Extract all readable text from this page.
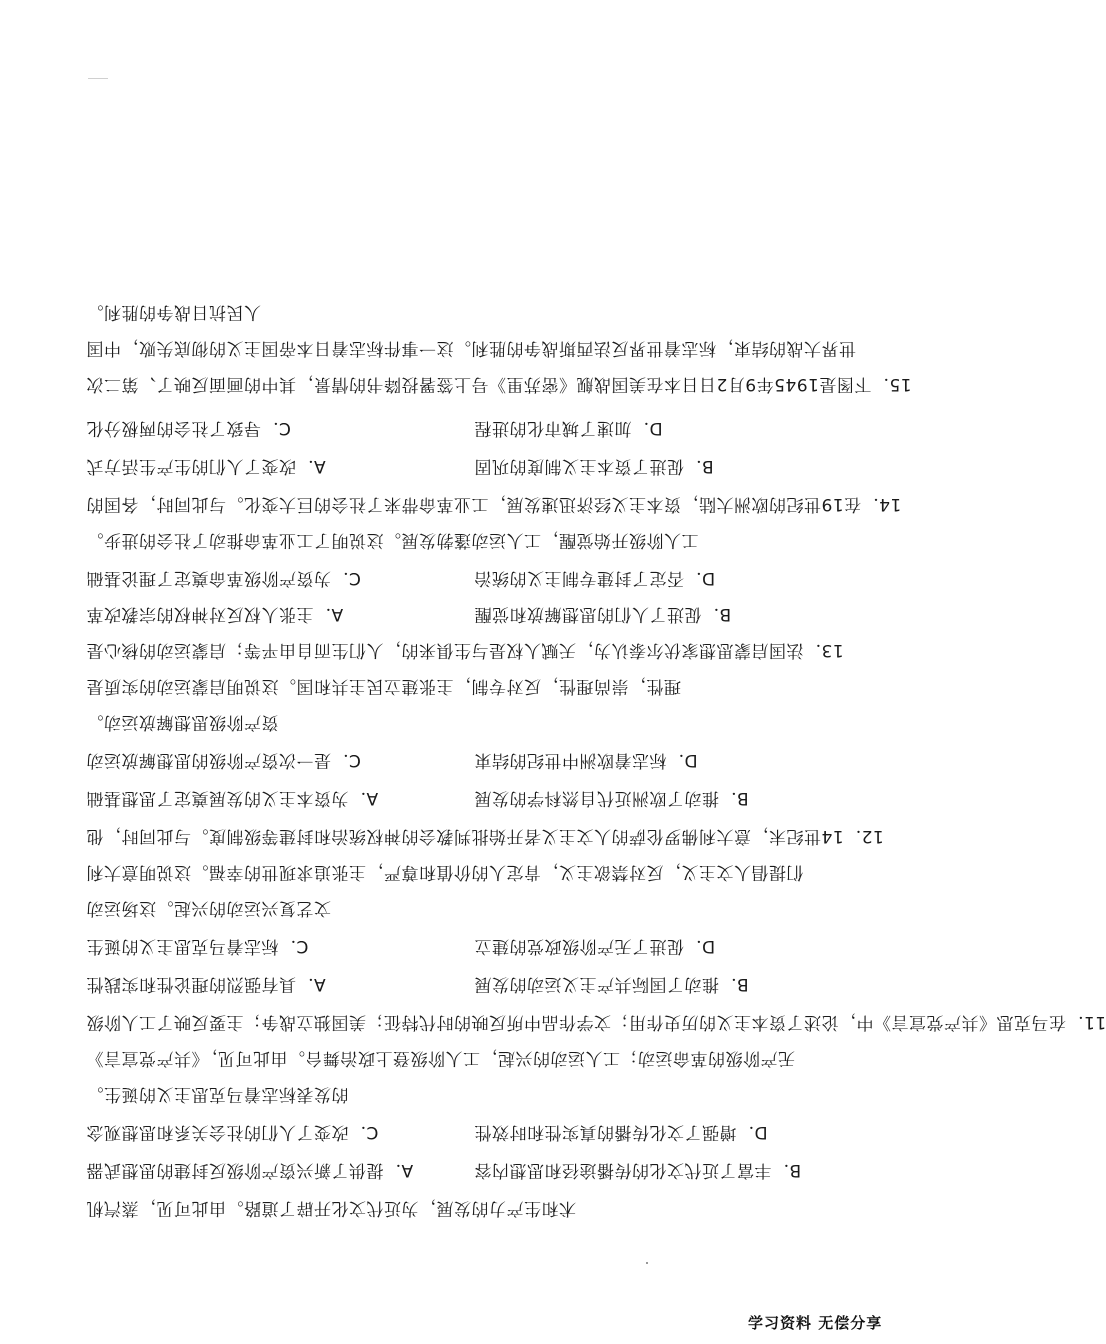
15．下图是1945年9月2日日本在美国战舰《密苏里》号上签署投降书的情景，其中的画面反映了、第二次
世界大战的结束，标志着世界反法西斯战争的胜利。这一事件标志着日本帝国主义的彻底失败，中国
人民抗日战争的胜利。
C．导致了社会的两极分化	D．加速了城市化的进程
A．改变了人们的生产生活方式	B．促进了资本主义制度的巩固
14．在19世纪的欧洲大陆，资本主义经济迅速发展，工业革命带来了社会的巨大变化。与此同时，各国的
工人阶级开始觉醒，工人运动蓬勃发展。这说明了工业革命推动了社会的进步。
C．为资产阶级革命奠定了理论基础	D．否定了封建专制主义的统治
A．主张人权反对神权的宗教改革	B．促进了人们的思想解放和觉醒
13．法国启蒙思想家伏尔泰认为，天赋人权是与生俱来的，人们生而自由平等；启蒙运动的核心是
理性，崇尚理性，反对专制，主张建立民主共和国。这说明启蒙运动的实质是
资产阶级思想解放运动。
C．是一次资产阶级的思想解放运动	D．标志着欧洲中世纪的结束
A．为资本主义的发展奠定了思想基础	B．推动了欧洲近代自然科学的发展
12．14世纪末，意大利佛罗伦萨的人文主义者开始批判教会的神权统治和封建等级制度。与此同时，他
们提倡人文主义，反对禁欲主义，肯定人的价值和尊严，主张追求现世的幸福。这说明意大利
文艺复兴运动的兴起。这场运动
C．标志着马克思主义的诞生	D．促进了无产阶级政党的建立
A．具有强烈的理论性和实践性	B．推动了国际共产主义运动的发展
11．在马克思《共产党宣言》中，论述了资本主义的历史作用；文学作品中所反映的时代特征；美国独立战争；主要反映了工人阶级
无产阶级的革命运动；工人运动的兴起，工人阶级登上政治舞台。由此可见，《共产党宣言》
的发表标志着马克思主义的诞生。
C．改变了人们的社会关系和思想观念	D．增强了文化传播的真实性和时效性
A．提供了新兴资产阶级反封建的思想武器	B．丰富了近代文化的传播途径和思想内容
术和生产力的发展，为近代文化开辟了道路。由此可见，蒸汽机
学习资料 无偿分享
